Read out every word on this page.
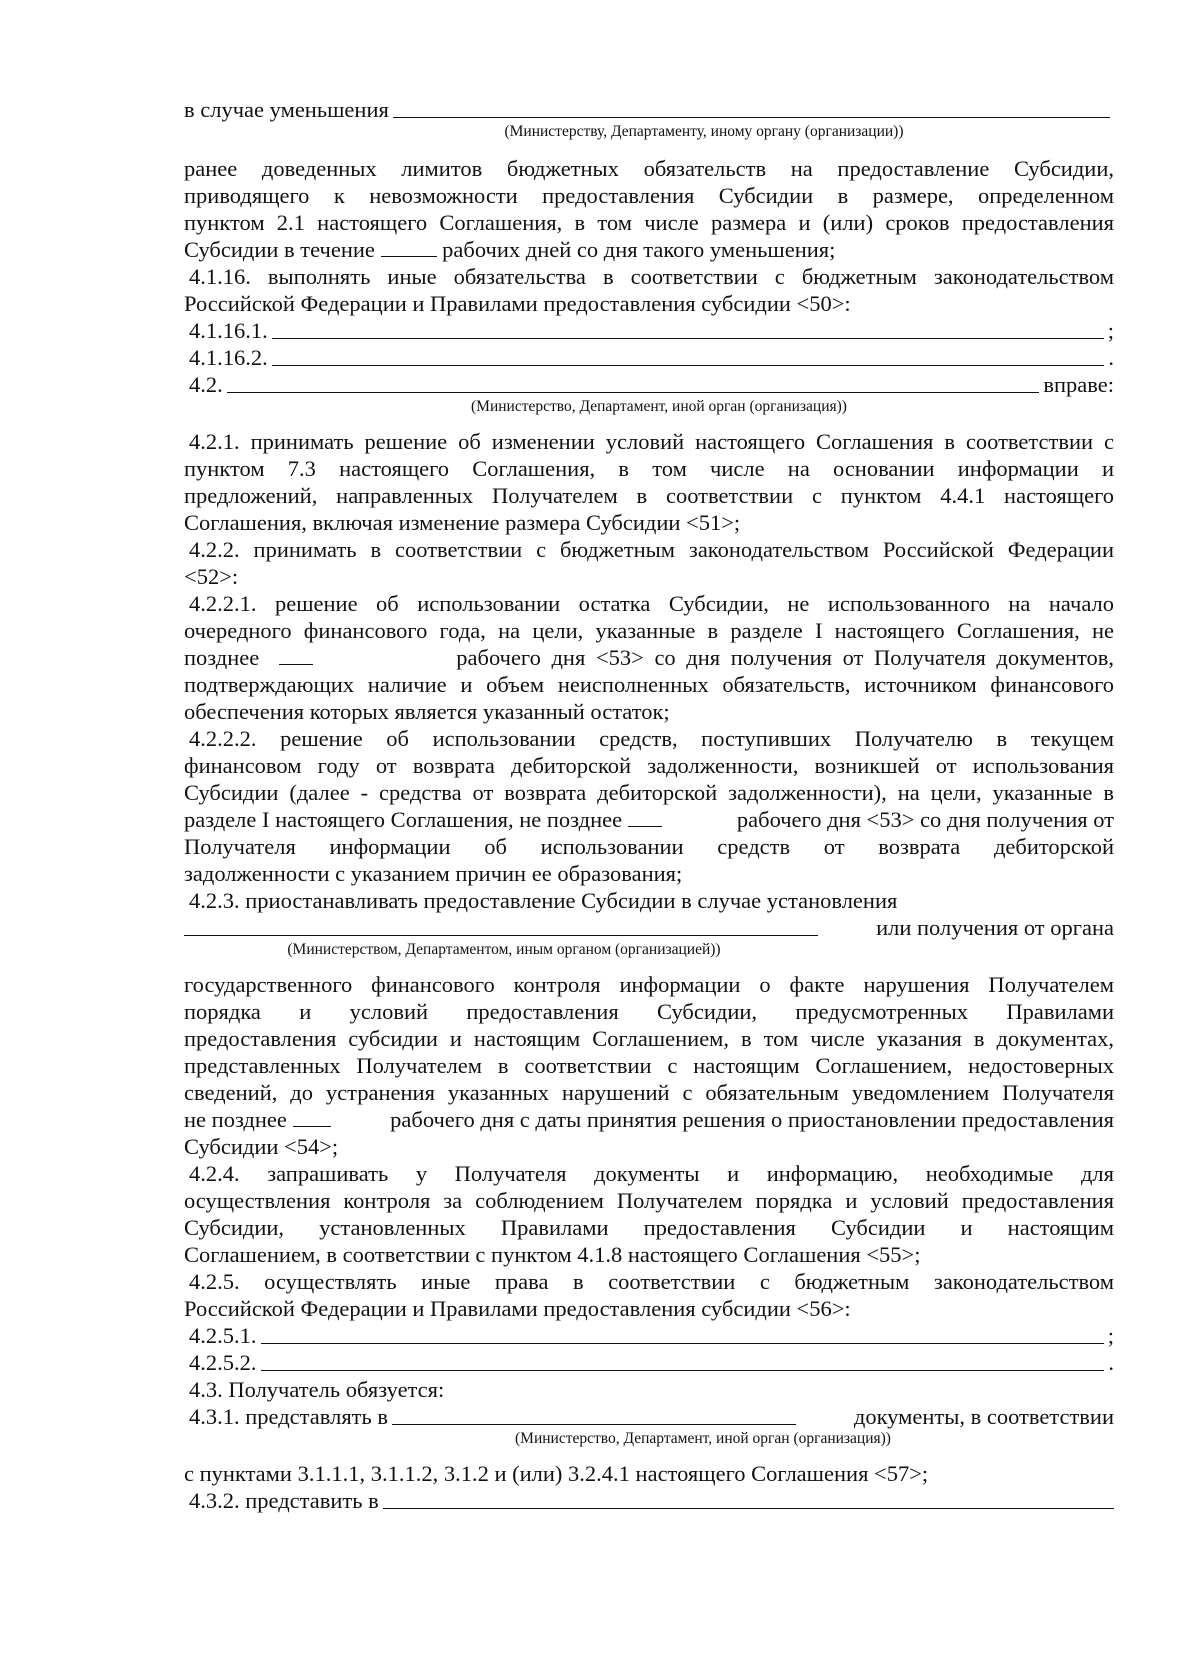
в случае уменьшения
(Министерству, Департаменту, иному органу (организации))
ранее доведенных лимитов бюджетных обязательств на предоставление Субсидии,
приводящего к невозможности предоставления Субсидии в размере, определенном
пунктом 2.1 настоящего Соглашения, в том числе размера и (или) сроков предоставления
Субсидии в течение	рабочих дней со дня такого уменьшения;
4.1.16. выполнять иные обязательства в соответствии с бюджетным законодательством
Российской Федерации и Правилами предоставления субсидии <50>:
4.1.16.1.	;
4.1.16.2.	.
4.2.	вправе:
(Министерство, Департамент, иной орган (организация))
4.2.1. принимать решение об изменении условий настоящего Соглашения в соответствии с
пунктом 7.3 настоящего Соглашения, в том числе на основании информации и
предложений, направленных Получателем в соответствии с пунктом 4.4.1 настоящего
Соглашения, включая изменение размера Субсидии <51>;
4.2.2. принимать в соответствии с бюджетным законодательством Российской Федерации
<52>:
4.2.2.1. решение об использовании остатка Субсидии, не использованного на начало
очередного финансового года, на цели, указанные в разделе I настоящего Соглашения, не
позднее	рабочего дня <53> со дня получения от Получателя документов,
подтверждающих наличие и объем неисполненных обязательств, источником финансового
обеспечения которых является указанный остаток;
4.2.2.2. решение об использовании средств, поступивших Получателю в текущем
финансовом году от возврата дебиторской задолженности, возникшей от использования
Субсидии (далее - средства от возврата дебиторской задолженности), на цели, указанные в
разделе I настоящего Соглашения, не позднее	рабочего дня <53> со дня получения от
Получателя информации об использовании средств от возврата дебиторской
задолженности с указанием причин ее образования;
4.2.3. приостанавливать предоставление Субсидии в случае установления
или получения от органа
(Министерством, Департаментом, иным органом (организацией))
государственного финансового контроля информации о факте нарушения Получателем
порядка и условий предоставления Субсидии, предусмотренных Правилами
предоставления субсидии и настоящим Соглашением, в том числе указания в документах,
представленных Получателем в соответствии с настоящим Соглашением, недостоверных
сведений, до устранения указанных нарушений с обязательным уведомлением Получателя
не позднее	рабочего дня с даты принятия решения о приостановлении предоставления
Субсидии <54>;
4.2.4. запрашивать у Получателя документы и информацию, необходимые для
осуществления контроля за соблюдением Получателем порядка и условий предоставления
Субсидии, установленных Правилами предоставления Субсидии и настоящим
Соглашением, в соответствии с пунктом 4.1.8 настоящего Соглашения <55>;
4.2.5. осуществлять иные права в соответствии с бюджетным законодательством
Российской Федерации и Правилами предоставления субсидии <56>:
4.2.5.1.	;
4.2.5.2.	.
4.3. Получатель обязуется:
4.3.1. представлять в	документы, в соответствии
(Министерство, Департамент, иной орган (организация))
с пунктами 3.1.1.1, 3.1.1.2, 3.1.2 и (или) 3.2.4.1 настоящего Соглашения <57>;
4.3.2. представить в
